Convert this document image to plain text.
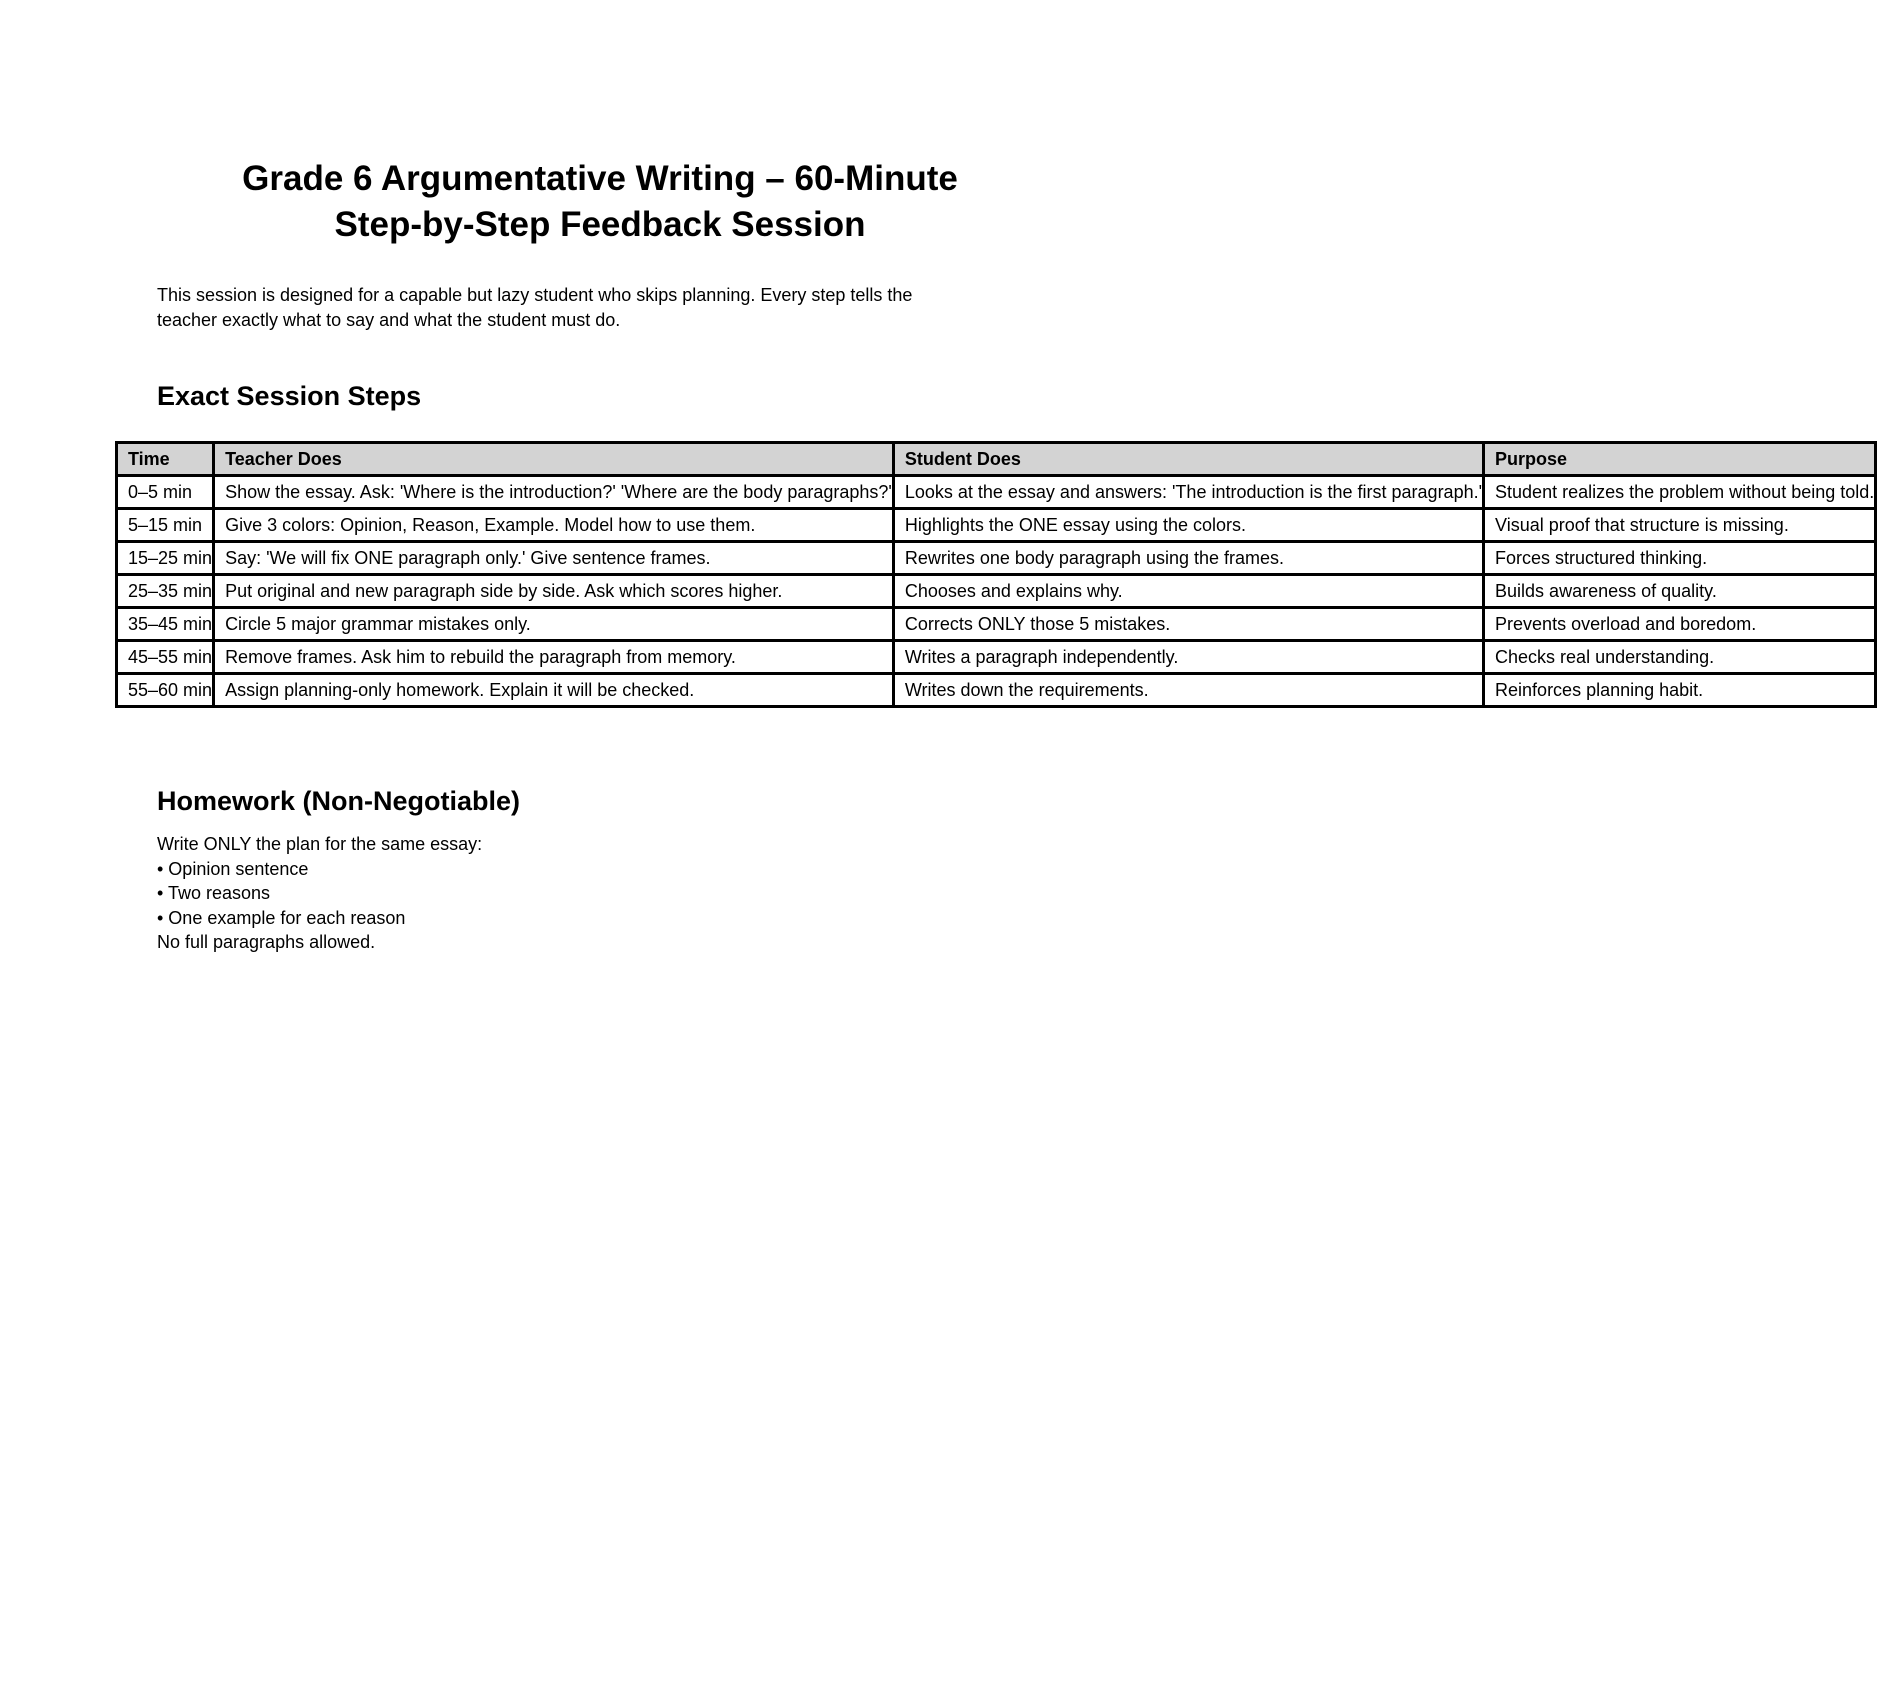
Grade 6 Argumentative Writing – 60-Minute
Step-by-Step Feedback Session

This session is designed for a capable but lazy student who skips planning. Every step tells the
teacher exactly what to say and what the student must do.

Exact Session Steps
Time	Teacher Does	Student Does	Purpose
0–5 min	Show the essay. Ask: 'Where is the introduction?' 'Where are the body paragraphs?'	Looks at the essay and answers: 'The introduction is the first paragraph.'	Student realizes the problem without being told.
5–15 min	Give 3 colors: Opinion, Reason, Example. Model how to use them.	Highlights the ONE essay using the colors.	Visual proof that structure is missing.
15–25 min	Say: 'We will fix ONE paragraph only.' Give sentence frames.	Rewrites one body paragraph using the frames.	Forces structured thinking.
25–35 min	Put original and new paragraph side by side. Ask which scores higher.	Chooses and explains why.	Builds awareness of quality.
35–45 min	Circle 5 major grammar mistakes only.	Corrects ONLY those 5 mistakes.	Prevents overload and boredom.
45–55 min	Remove frames. Ask him to rebuild the paragraph from memory.	Writes a paragraph independently.	Checks real understanding.
55–60 min	Assign planning-only homework. Explain it will be checked.	Writes down the requirements.	Reinforces planning habit.
Homework (Non-Negotiable)
Write ONLY the plan for the same essay:
• Opinion sentence
• Two reasons
• One example for each reason
No full paragraphs allowed.
